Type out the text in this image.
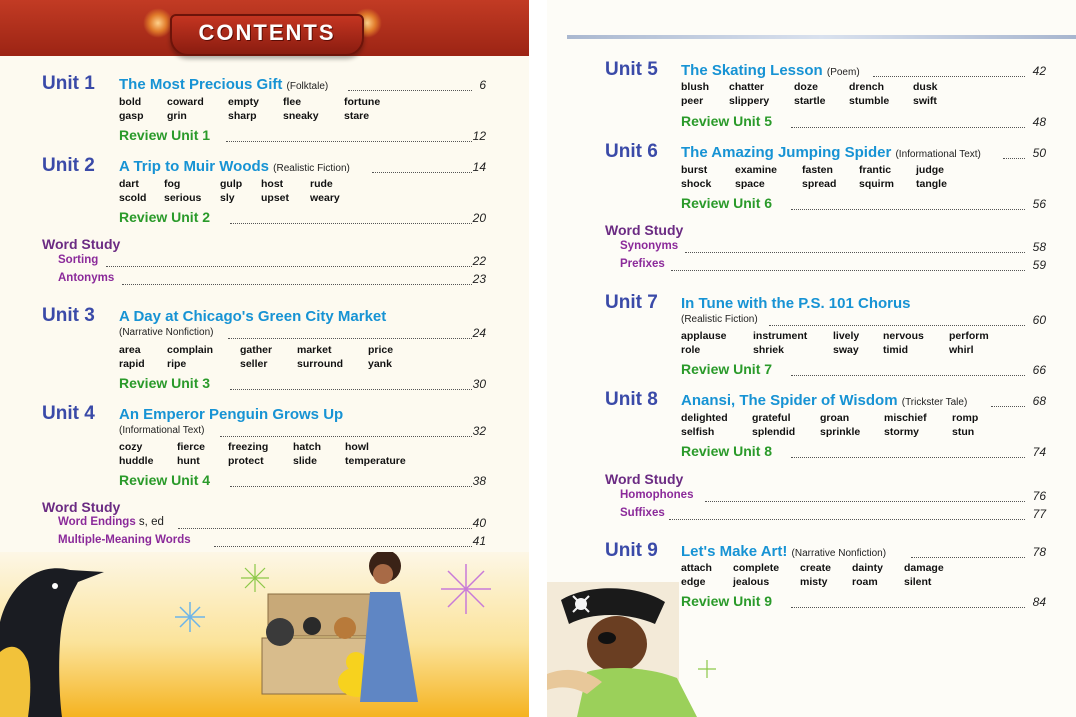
CONTENTS
Unit 1 The Most Precious Gift (Folktale)	6
bold coward empty flee	fortune
gasp grin	sharp	sneaky stare
Review Unit 1	12
Unit 2 A Trip to Muir Woods (Realistic Fiction)	14
dart fog	gulp host	rude
scold serious sly	upset weary
Review Unit 2	20
Word Study
Sorting	22
Antonyms	23
Unit 3 A Day at Chicago's Green City Market
(Narrative Nonfiction)	24
area	complain	gather market	price
rapid ripe	seller	surround yank
Review Unit 3	30
Unit 4 An Emperor Penguin Grows Up
(Informational Text)	32
cozy	fierce freezing hatch howl
huddle hunt	protect	slide	temperature
Review Unit 4	38
Word Study
Word Endings s, ed	40
Multiple-Meaning Words	41
Unit 5 The Skating Lesson (Poem)	42
blush chatter	doze	drench	dusk
peer slippery startle stumble swift
Review Unit 5	48
Unit 6 The Amazing Jumping Spider (Informational Text)	50
burst	examine fasten frantic judge
shock space	spread squirm tangle
Review Unit 6	56
Word Study
Synonyms	58
Prefixes	59
Unit 7 In Tune with the P.S. 101 Chorus
(Realistic Fiction)	60
applause	instrument lively nervous perform
role	shriek	sway timid	whirl
Review Unit 7	66
Unit 8 Anansi, The Spider of Wisdom (Trickster Tale)	68
delighted grateful	groan	mischief romp
selfish	splendid sprinkle stormy	stun
Review Unit 8	74
Word Study
Homophones	76
Suffixes	77
Unit 9 Let's Make Art! (Narrative Nonfiction)	78
attach complete create dainty damage
edge	jealous	misty roam	silent
Review Unit 9	84
